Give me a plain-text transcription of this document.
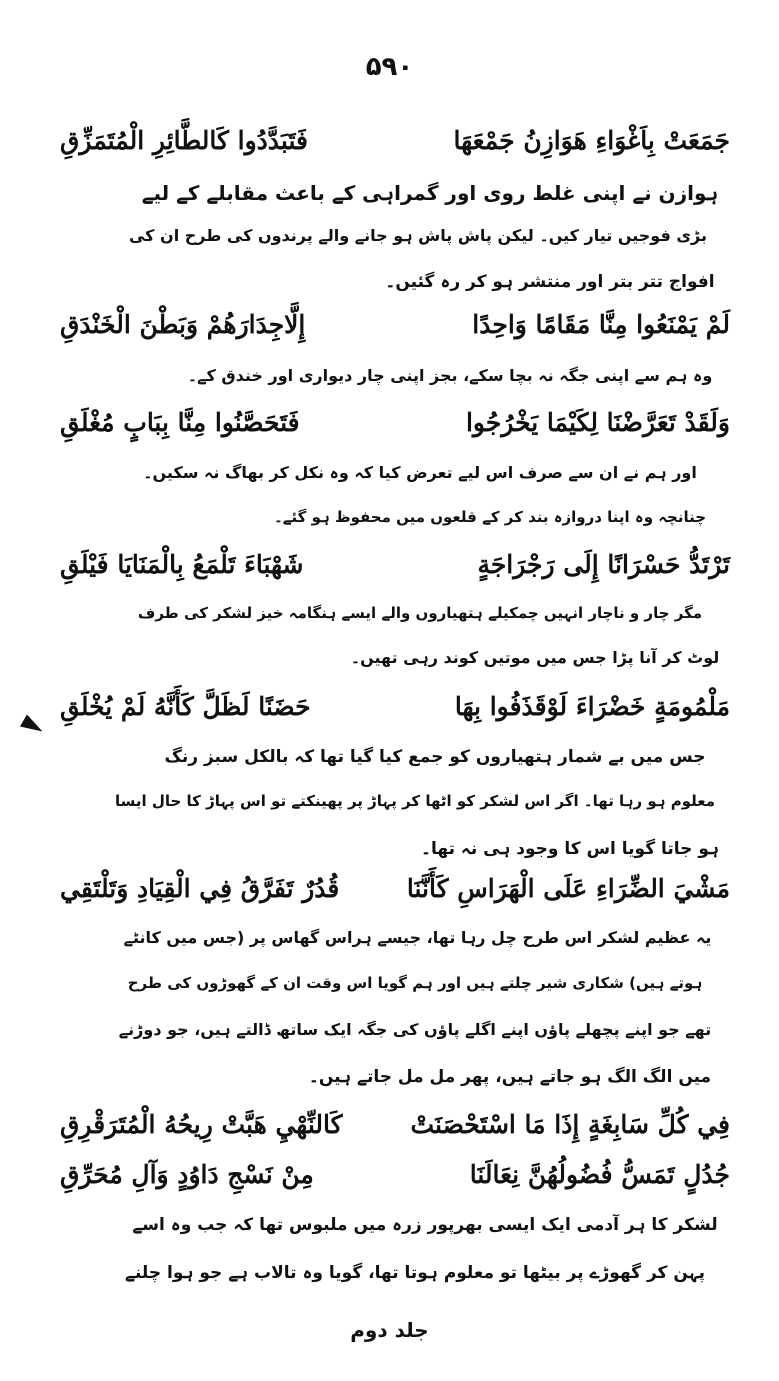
۵۹۰
جَمَعَتْ بِاَغْوَاءِ هَوَازِنُ جَمْعَهَا
فَتَبَدَّدُوا كَالطَّائِرِ الْمُتَمَزِّقِ
ہوازن نے اپنی غلط روی اور گمراہی کے باعث مقابلے کے لیے
بڑی فوجیں تیار کیں۔ لیکن پاش پاش ہو جانے والے پرندوں کی طرح ان کی
افواج تتر بتر اور منتشر ہو کر رہ گئیں۔
لَمْ يَمْنَعُوا مِنَّا مَقَامًا وَاحِدًا
إِلَّاجِدَارَهُمْ وَبَطْنَ الْخَنْدَقِ
وہ ہم سے اپنی جگہ نہ بچا سکے، بجز اپنی چار دیواری اور خندق کے۔
وَلَقَدْ تَعَرَّضْنَا لِكَيْمَا يَخْرُجُوا
فَتَحَصَّنُوا مِنَّا بِبَابٍ مُغْلَقِ
اور ہم نے ان سے صرف اس لیے تعرض کیا کہ وہ نکل کر بھاگ نہ سکیں۔
چنانچہ وہ اپنا دروازہ بند کر کے قلعوں میں محفوظ ہو گئے۔
تَرْتَدُّ حَسْرَانًا إِلَى رَجْرَاجَةٍ
شَهْبَاءَ تَلْمَعُ بِالْمَنَايَا فَيْلَقِ
مگر چار و ناچار انہیں چمکیلے ہتھیاروں والے ایسے ہنگامہ خیز لشکر کی طرف
لوٹ کر آنا پڑا جس میں موتیں کوند رہی تھیں۔
مَلْمُومَةٍ خَضْرَاءَ لَوْقَذَفُوا بِهَا
حَضَنًا لَظَلَّ كَأَنَّهُ لَمْ يُخْلَقِ
جس میں بے شمار ہتھیاروں کو جمع کیا گیا تھا کہ بالکل سبز رنگ
معلوم ہو رہا تھا۔ اگر اس لشکر کو اٹھا کر پہاڑ پر پھینکتے تو اس پہاڑ کا حال ایسا
ہو جاتا گویا اس کا وجود ہی نہ تھا۔
مَشْيَ الضِّرَاءِ عَلَى الْهَرَاسِ كَأَنَّنَا
قُدُرٌ تَفَرَّقُ فِي الْقِيَادِ وَتَلْتَقِي
یہ عظیم لشکر اس طرح چل رہا تھا، جیسے ہراس گھاس پر (جس میں کانٹے
ہوتے ہیں) شکاری شیر چلتے ہیں اور ہم گویا اس وقت ان کے گھوڑوں کی طرح
تھے جو اپنے پچھلے پاؤں اپنے اگلے پاؤں کی جگہ ایک ساتھ ڈالتے ہیں، جو دوڑنے
میں الگ الگ ہو جاتے ہیں، پھر مل مل جاتے ہیں۔
فِي كُلِّ سَابِغَةٍ إِذَا مَا اسْتَحْصَنَتْ
كَالنِّهْيِ هَبَّتْ رِيحُهُ الْمُتَرَقْرِقِ
جُدُلٍ تَمَسُّ فُضُولُهُنَّ نِعَالَنَا
مِنْ نَسْجِ دَاوُدٍ وَآلِ مُحَرِّقِ
لشکر کا ہر آدمی ایک ایسی بھرپور زرہ میں ملبوس تھا کہ جب وہ اسے
پہن کر گھوڑے پر بیٹھا تو معلوم ہوتا تھا، گویا وہ تالاب ہے جو ہوا چلنے
جلد دوم
